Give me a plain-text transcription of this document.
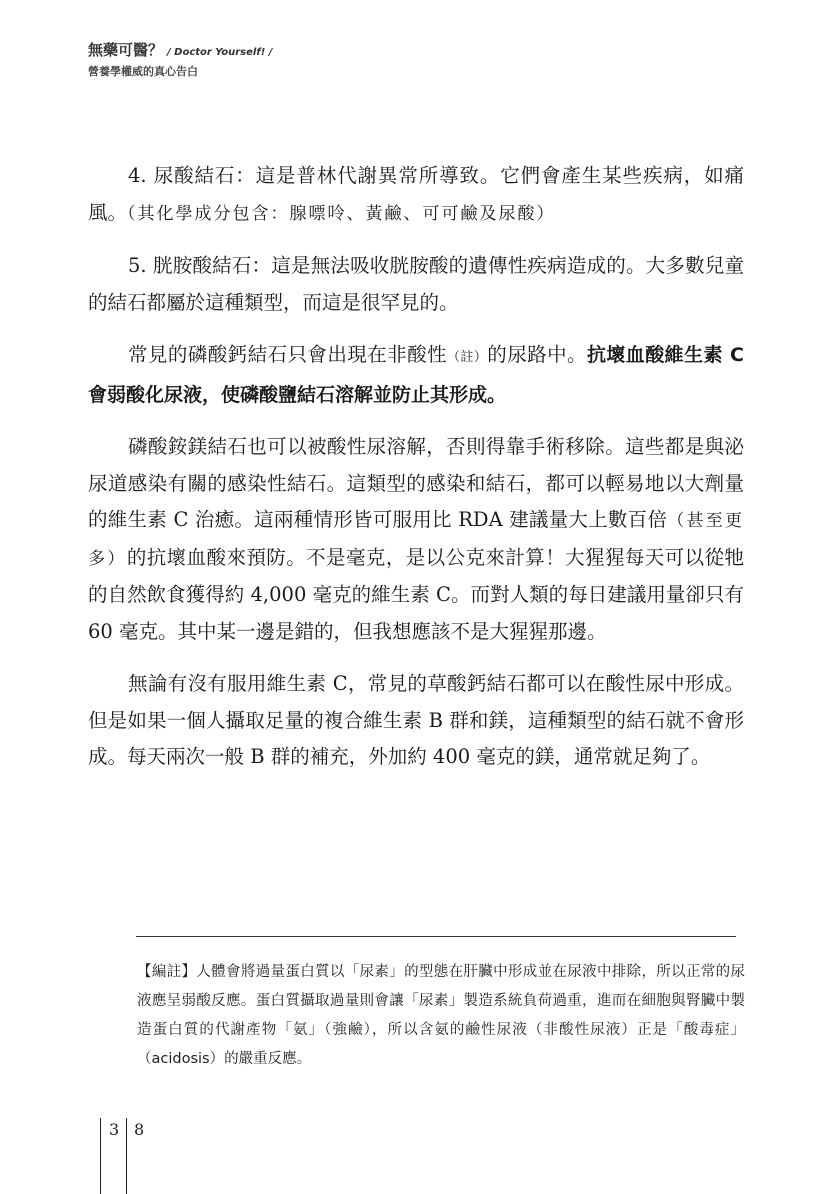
無藥可醫？ / Doctor Yourself! /
營養學權威的真心告白

4. 尿酸結石：這是普林代謝異常所導致。它們會產生某些疾病，如痛風。（其化學成分包含：腺嘌呤、黃鹼、可可鹼及尿酸）

5. 胱胺酸結石：這是無法吸收胱胺酸的遺傳性疾病造成的。大多數兒童的結石都屬於這種類型，而這是很罕見的。

常見的磷酸鈣結石只會出現在非酸性（註）的尿路中。抗壞血酸維生素 C 會弱酸化尿液，使磷酸鹽結石溶解並防止其形成。

磷酸銨鎂結石也可以被酸性尿溶解，否則得靠手術移除。這些都是與泌尿道感染有關的感染性結石。這類型的感染和結石，都可以輕易地以大劑量的維生素 C 治癒。這兩種情形皆可服用比 RDA 建議量大上數百倍（甚至更多）的抗壞血酸來預防。不是毫克，是以公克來計算！大猩猩每天可以從牠的自然飲食獲得約 4,000 毫克的維生素 C。而對人類的每日建議用量卻只有 60 毫克。其中某一邊是錯的，但我想應該不是大猩猩那邊。

無論有沒有服用維生素 C，常見的草酸鈣結石都可以在酸性尿中形成。但是如果一個人攝取足量的複合維生素 B 群和鎂，這種類型的結石就不會形成。每天兩次一般 B 群的補充，外加約 400 毫克的鎂，通常就足夠了。

【編註】人體會將過量蛋白質以「尿素」的型態在肝臟中形成並在尿液中排除，所以正常的尿液應呈弱酸反應。蛋白質攝取過量則會讓「尿素」製造系統負荷過重，進而在細胞與腎臟中製造蛋白質的代謝產物「氨」（強鹼），所以含氨的鹼性尿液（非酸性尿液）正是「酸毒症」（acidosis）的嚴重反應。

3 8
